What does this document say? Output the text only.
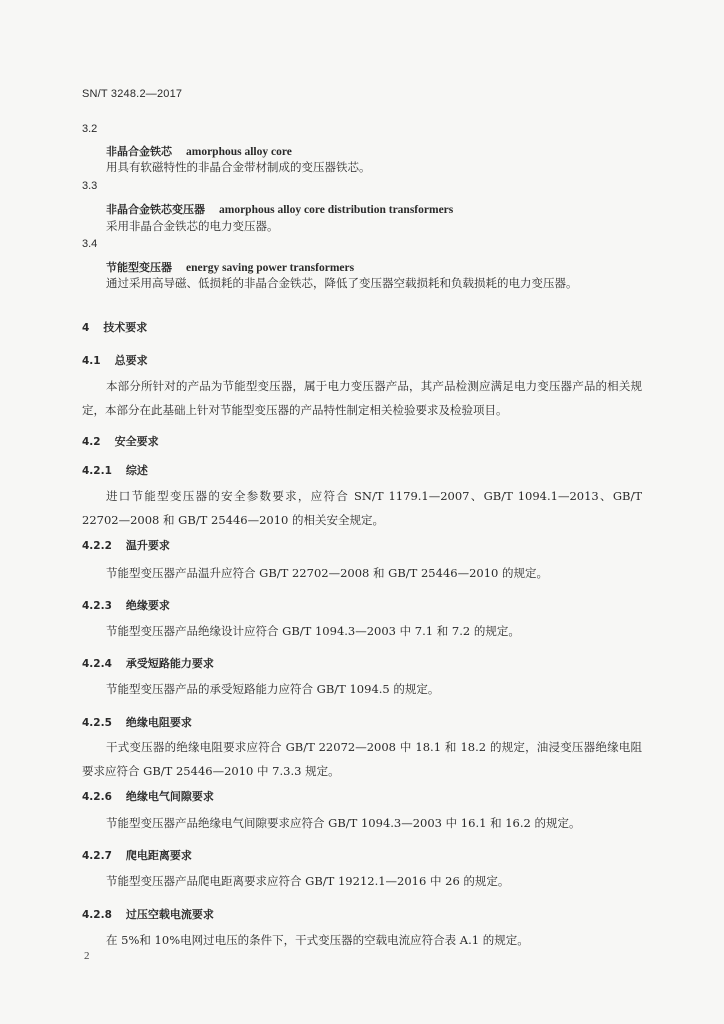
SN/T 3248.2—2017
3.2
非晶合金铁芯 amorphous alloy core
用具有软磁特性的非晶合金带材制成的变压器铁芯。
3.3
非晶合金铁芯变压器 amorphous alloy core distribution transformers
采用非晶合金铁芯的电力变压器。
3.4
节能型变压器 energy saving power transformers
通过采用高导磁、低损耗的非晶合金铁芯，降低了变压器空载损耗和负载损耗的电力变压器。
4 技术要求
4.1 总要求
本部分所针对的产品为节能型变压器，属于电力变压器产品，其产品检测应满足电力变压器产品的相关规定，本部分在此基础上针对节能型变压器的产品特性制定相关检验要求及检验项目。
4.2 安全要求
4.2.1 综述
进口节能型变压器的安全参数要求，应符合 SN/T 1179.1—2007、GB/T 1094.1—2013、GB/T 22702—2008 和 GB/T 25446—2010 的相关安全规定。
4.2.2 温升要求
节能型变压器产品温升应符合 GB/T 22702—2008 和 GB/T 25446—2010 的规定。
4.2.3 绝缘要求
节能型变压器产品绝缘设计应符合 GB/T 1094.3—2003 中 7.1 和 7.2 的规定。
4.2.4 承受短路能力要求
节能型变压器产品的承受短路能力应符合 GB/T 1094.5 的规定。
4.2.5 绝缘电阻要求
干式变压器的绝缘电阻要求应符合 GB/T 22072—2008 中 18.1 和 18.2 的规定，油浸变压器绝缘电阻要求应符合 GB/T 25446—2010 中 7.3.3 规定。
4.2.6 绝缘电气间隙要求
节能型变压器产品绝缘电气间隙要求应符合 GB/T 1094.3—2003 中 16.1 和 16.2 的规定。
4.2.7 爬电距离要求
节能型变压器产品爬电距离要求应符合 GB/T 19212.1—2016 中 26 的规定。
4.2.8 过压空载电流要求
在 5%和 10%电网过电压的条件下，干式变压器的空载电流应符合表 A.1 的规定。
2
